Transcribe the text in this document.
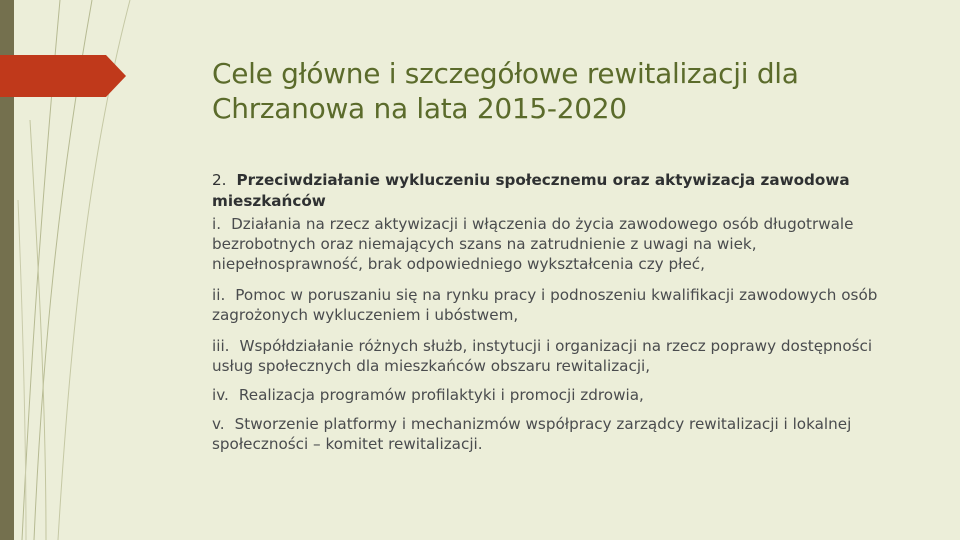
Cele główne i szczegółowe rewitalizacji dla
Chrzanowa na lata 2015-2020

2. Przeciwdziałanie wykluczeniu społecznemu oraz aktywizacja zawodowa mieszkańców

i. Działania na rzecz aktywizacji i włączenia do życia zawodowego osób długotrwale bezrobotnych oraz niemających szans na zatrudnienie z uwagi na wiek, niepełnosprawność, brak odpowiedniego wykształcenia czy płeć,

ii. Pomoc w poruszaniu się na rynku pracy i podnoszeniu kwalifikacji zawodowych osób zagrożonych wykluczeniem i ubóstwem,

iii. Współdziałanie różnych służb, instytucji i organizacji na rzecz poprawy dostępności usług społecznych dla mieszkańców obszaru rewitalizacji,

iv. Realizacja programów profilaktyki i promocji zdrowia,

v. Stworzenie platformy i mechanizmów współpracy zarządcy rewitalizacji i lokalnej społeczności – komitet rewitalizacji.
